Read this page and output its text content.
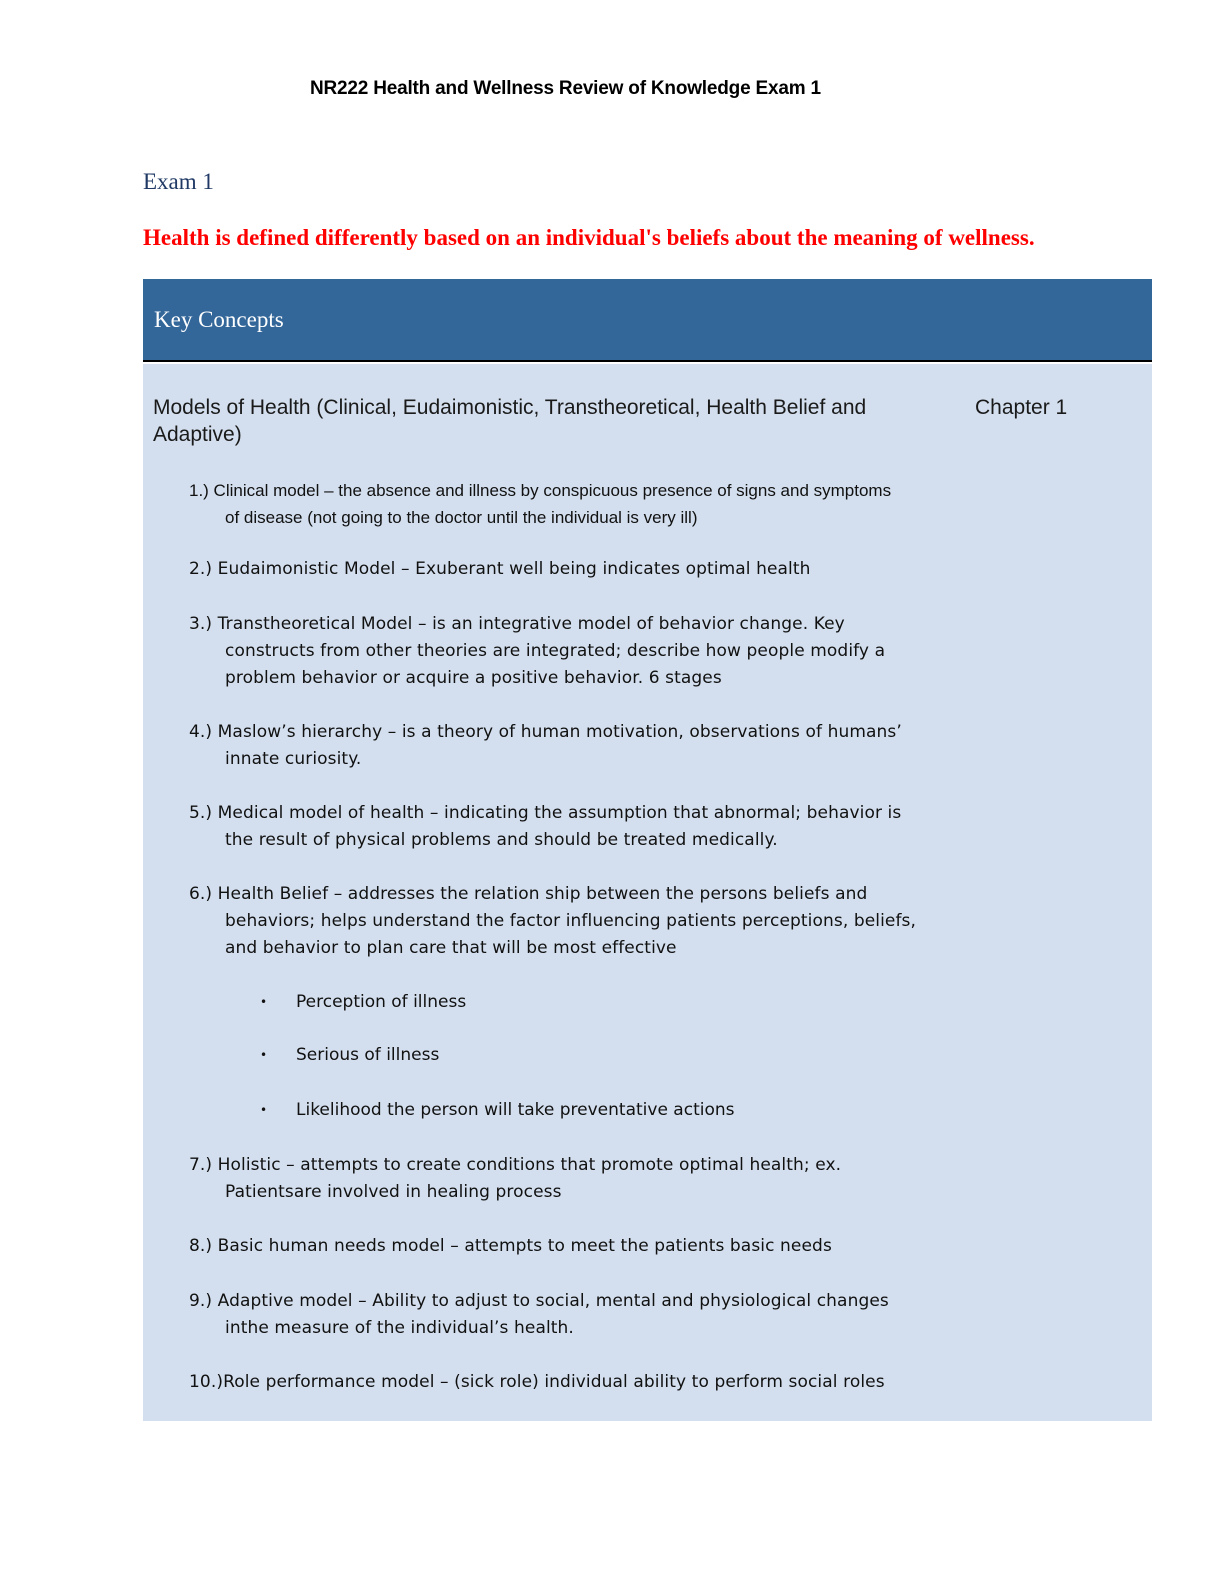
NR222 Health and Wellness Review of Knowledge Exam 1
Exam 1
Health is defined differently based on an individual's beliefs about the meaning of wellness.
Key Concepts
Models of Health (Clinical, Eudaimonistic, Transtheoretical, Health Belief and Adaptive)
Chapter 1
1.) Clinical model – the absence and illness by conspicuous presence of signs and symptoms
of disease (not going to the doctor until the individual is very ill)
2.) Eudaimonistic Model – Exuberant well being indicates optimal health
3.) Transtheoretical Model – is an integrative model of behavior change. Key
constructs from other theories are integrated; describe how people modify a problem behavior or acquire a positive behavior. 6 stages
4.) Maslow’s hierarchy – is a theory of human motivation, observations of humans’
innate curiosity.
5.) Medical model of health – indicating the assumption that abnormal; behavior is
the result of physical problems and should be treated medically.
6.) Health Belief – addresses the relation ship between the persons beliefs and
behaviors; helps understand the factor influencing patients perceptions, beliefs, and behavior to plan care that will be most effective
• Perception of illness
• Serious of illness
• Likelihood the person will take preventative actions
7.) Holistic – attempts to create conditions that promote optimal health; ex.
Patientsare involved in healing process
8.) Basic human needs model – attempts to meet the patients basic needs
9.) Adaptive model – Ability to adjust to social, mental and physiological changes
inthe measure of the individual’s health.
10.)Role performance model – (sick role) individual ability to perform social roles
